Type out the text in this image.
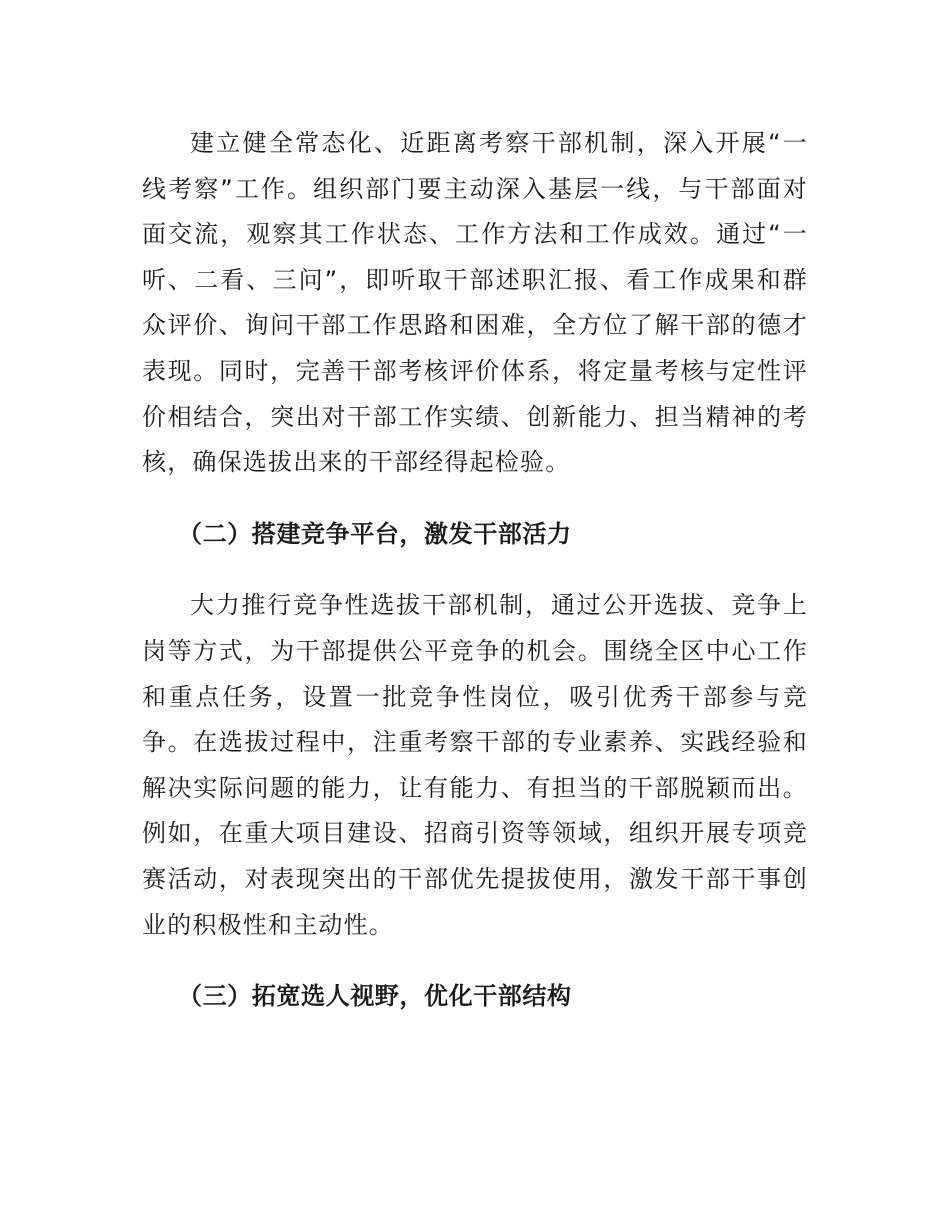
建立健全常态化、近距离考察干部机制，深入开展“一线考察”工作。组织部门要主动深入基层一线，与干部面对面交流，观察其工作状态、工作方法和工作成效。通过“一听、二看、三问”，即听取干部述职汇报、看工作成果和群众评价、询问干部工作思路和困难，全方位了解干部的德才表现。同时，完善干部考核评价体系，将定量考核与定性评价相结合，突出对干部工作实绩、创新能力、担当精神的考核，确保选拔出来的干部经得起检验。

（二）搭建竞争平台，激发干部活力

大力推行竞争性选拔干部机制，通过公开选拔、竞争上岗等方式，为干部提供公平竞争的机会。围绕全区中心工作和重点任务，设置一批竞争性岗位，吸引优秀干部参与竞争。在选拔过程中，注重考察干部的专业素养、实践经验和解决实际问题的能力，让有能力、有担当的干部脱颖而出。例如，在重大项目建设、招商引资等领域，组织开展专项竞赛活动，对表现突出的干部优先提拔使用，激发干部干事创业的积极性和主动性。

（三）拓宽选人视野，优化干部结构
